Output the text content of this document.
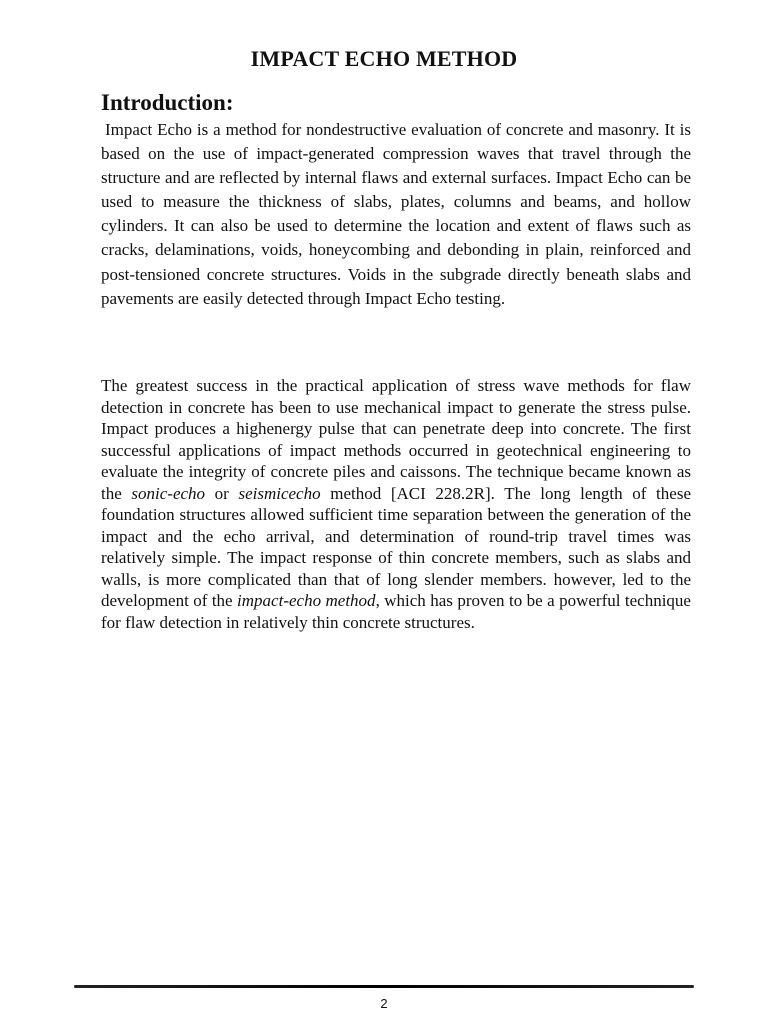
IMPACT ECHO METHOD
Introduction:

Impact Echo is a method for nondestructive evaluation of concrete and masonry. It is based on the use of impact-generated compression waves that travel through the structure and are reflected by internal flaws and external surfaces. Impact Echo can be used to measure the thickness of slabs, plates, columns and beams, and hollow cylinders. It can also be used to determine the location and extent of flaws such as cracks, delaminations, voids, honeycombing and debonding in plain, reinforced and post-tensioned concrete structures. Voids in the subgrade directly beneath slabs and pavements are easily detected through Impact Echo testing.

The greatest success in the practical application of stress wave methods for flaw detection in concrete has been to use mechanical impact to generate the stress pulse. Impact produces a highenergy pulse that can penetrate deep into concrete. The first successful applications of impact methods occurred in geotechnical engineering to evaluate the integrity of concrete piles and caissons. The technique became known as the sonic-echo or seismicecho method [ACI 228.2R]. The long length of these foundation structures allowed sufficient time separation between the generation of the impact and the echo arrival, and determination of round-trip travel times was relatively simple. The impact response of thin concrete members, such as slabs and walls, is more complicated than that of long slender members. however, led to the development of the impact-echo method, which has proven to be a powerful technique for flaw detection in relatively thin concrete structures.

2
